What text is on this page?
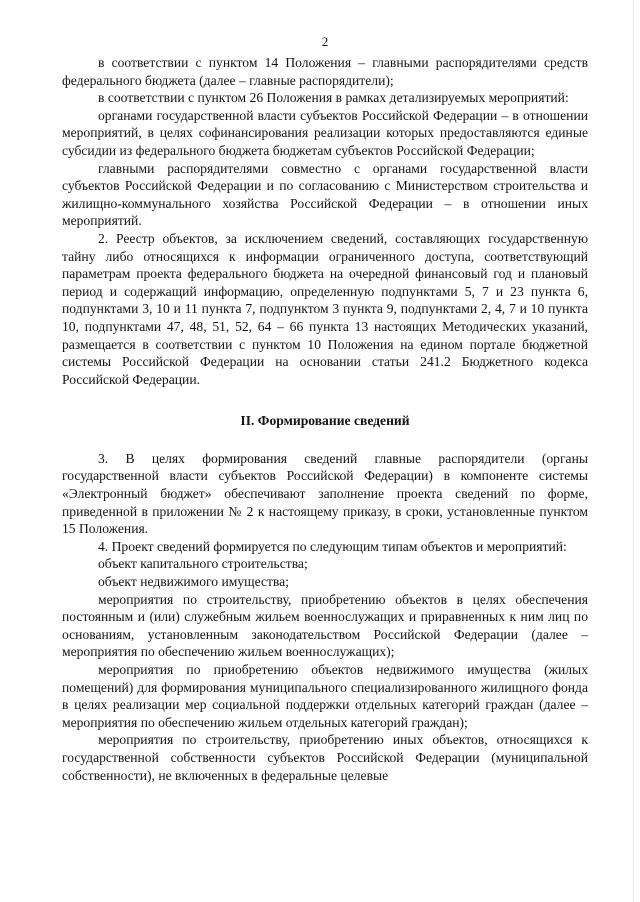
2

в соответствии с пунктом 14 Положения – главными распорядителями средств федерального бюджета (далее – главные распорядители);

в соответствии с пунктом 26 Положения в рамках детализируемых мероприятий:

органами государственной власти субъектов Российской Федерации – в отношении мероприятий, в целях софинансирования реализации которых предоставляются единые субсидии из федерального бюджета бюджетам субъектов Российской Федерации;

главными распорядителями совместно с органами государственной власти субъектов Российской Федерации и по согласованию с Министерством строительства и жилищно-коммунального хозяйства Российской Федерации – в отношении иных мероприятий.

2. Реестр объектов, за исключением сведений, составляющих государственную тайну либо относящихся к информации ограниченного доступа, соответствующий параметрам проекта федерального бюджета на очередной финансовый год и плановый период и содержащий информацию, определенную подпунктами 5, 7 и 23 пункта 6, подпунктами 3, 10 и 11 пункта 7, подпунктом 3 пункта 9, подпунктами 2, 4, 7 и 10 пункта 10, подпунктами 47, 48, 51, 52, 64 – 66 пункта 13 настоящих Методических указаний, размещается в соответствии с пунктом 10 Положения на едином портале бюджетной системы Российской Федерации на основании статьи 241.2 Бюджетного кодекса Российской Федерации.

II. Формирование сведений

3. В целях формирования сведений главные распорядители (органы государственной власти субъектов Российской Федерации) в компоненте системы «Электронный бюджет» обеспечивают заполнение проекта сведений по форме, приведенной в приложении № 2 к настоящему приказу, в сроки, установленные пунктом 15 Положения.

4. Проект сведений формируется по следующим типам объектов и мероприятий:

объект капитального строительства;

объект недвижимого имущества;

мероприятия по строительству, приобретению объектов в целях обеспечения постоянным и (или) служебным жильем военнослужащих и приравненных к ним лиц по основаниям, установленным законодательством Российской Федерации (далее – мероприятия по обеспечению жильем военнослужащих);

мероприятия по приобретению объектов недвижимого имущества (жилых помещений) для формирования муниципального специализированного жилищного фонда в целях реализации мер социальной поддержки отдельных категорий граждан (далее – мероприятия по обеспечению жильем отдельных категорий граждан);

мероприятия по строительству, приобретению иных объектов, относящихся к государственной собственности субъектов Российской Федерации (муниципальной собственности), не включенных в федеральные целевые
